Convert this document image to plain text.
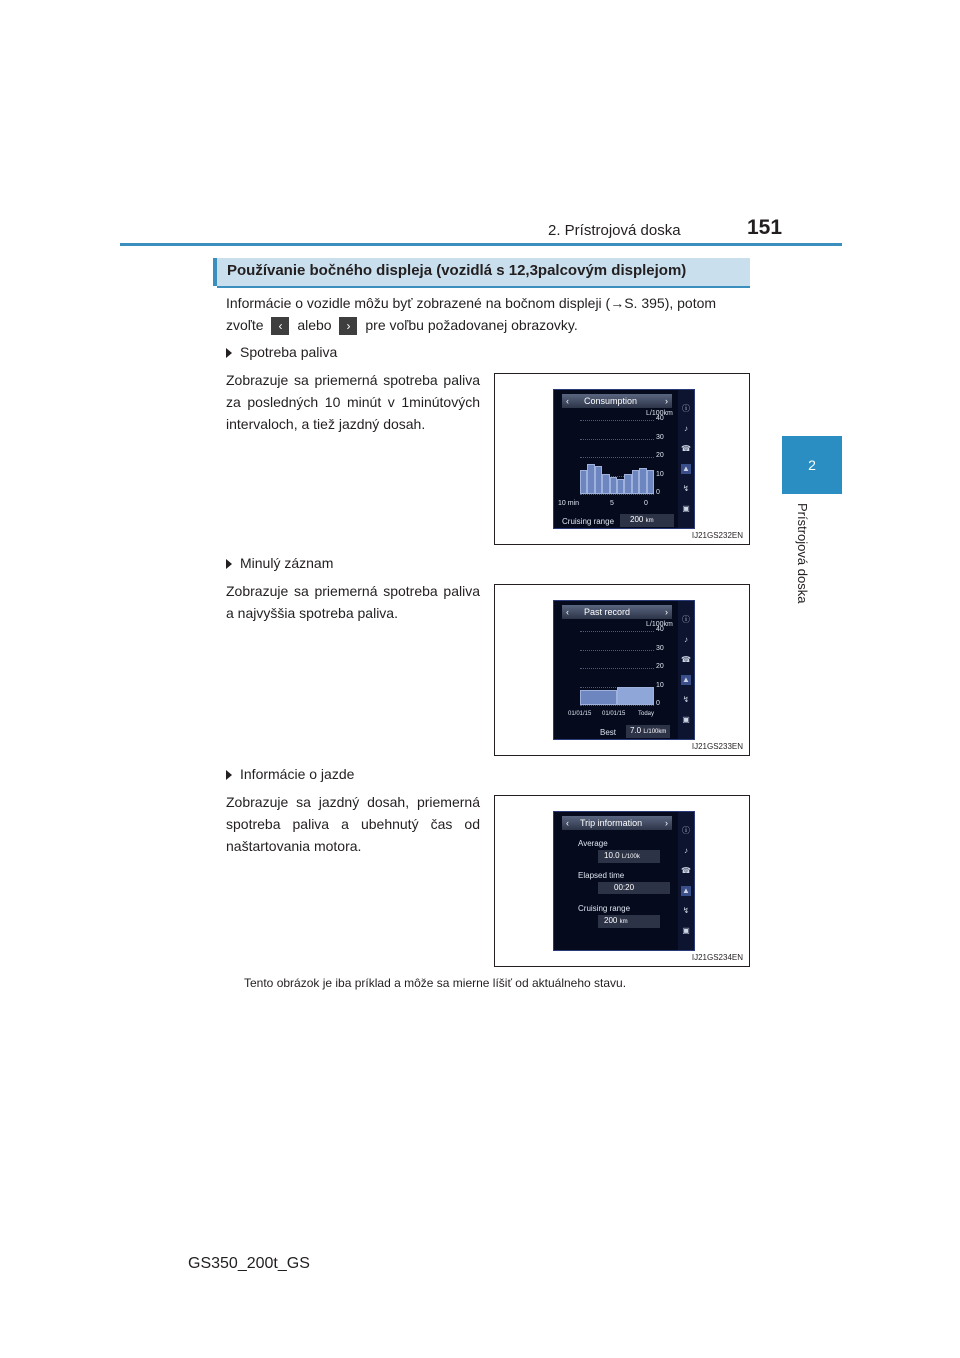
2. Prístrojová doska	151
2
Prístrojová doska
Používanie bočného displeja (vozidlá s 12,3palcovým displejom)
Informácie o vozidle môžu byť zobrazené na bočnom displeji (→S. 395), potom
zvoľte ‹ alebo › pre voľbu požadovanej obrazovky.
Spotreba paliva
Zobrazuje sa priemerná spotreba paliva za posledných 10 minút v 1minútových intervaloch, a tiež jazdný dosah.
‹ Consumption	›
L/100km
10 min	5	0
Cruising range	200 km
ⓘ
♪
☎
▲
↯
▣
40
30
20
10
0
IJ21GS232EN
Minulý záznam
Zobrazuje sa priemerná spotreba paliva a najvyššia spotreba paliva.	‹ Past record	›
L/100km
01/01/15 01/01/15 Today
Best	7.0 L/100km
ⓘ
♪
☎
▲
↯
▣
40
30
20
10
0
IJ21GS233EN
Informácie o jazde
Zobrazuje sa jazdný dosah, priemerná spotreba paliva a ubehnutý čas od naštartovania motora.
‹ Trip information	›
Average
10.0 L/100k
Elapsed time
00:20
Cruising range
200 km
ⓘ
♪
☎
▲
↯
▣
IJ21GS234EN
Tento obrázok je iba príklad a môže sa mierne líšiť od aktuálneho stavu.
GS350_200t_GS
